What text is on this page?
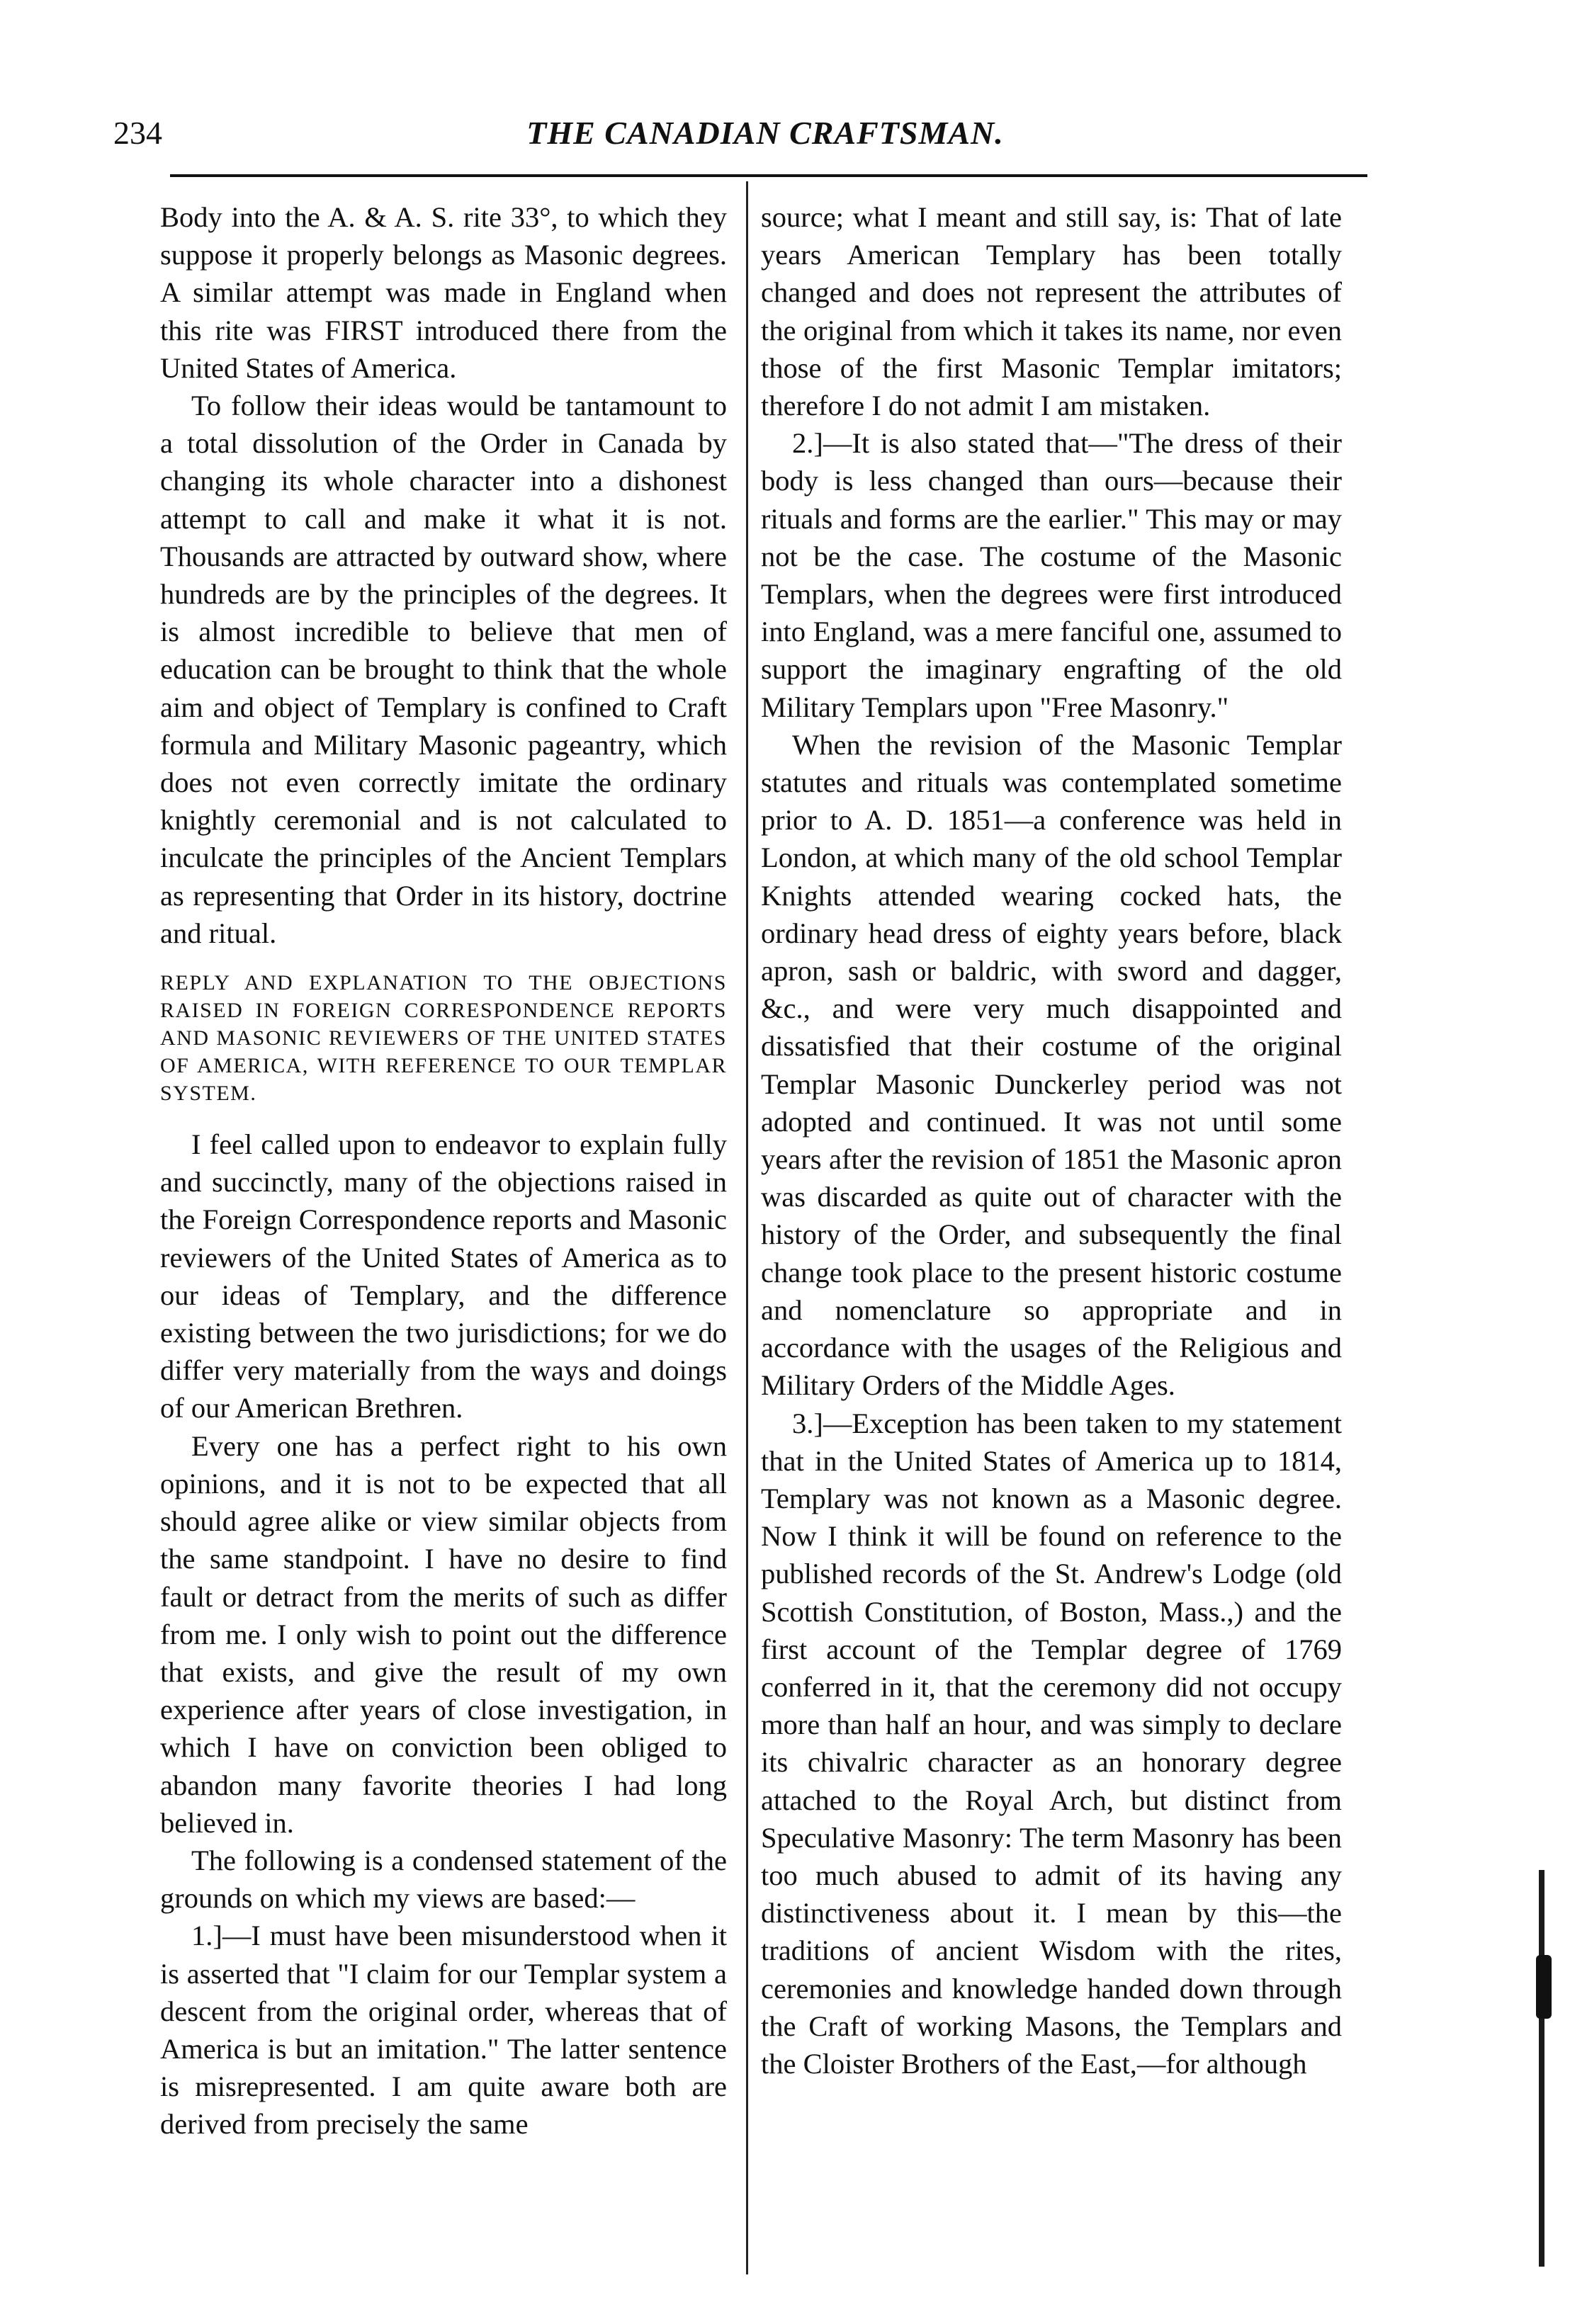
234	THE CANADIAN CRAFTSMAN.

Body into the A. & A. S. rite 33°, to which they suppose it properly belongs as Masonic degrees. A similar attempt was made in England when this rite was FIRST introduced there from the United States of America.

To follow their ideas would be tantamount to a total dissolution of the Order in Canada by changing its whole character into a dishonest attempt to call and make it what it is not. Thousands are attracted by outward show, where hundreds are by the principles of the degrees. It is almost incredible to believe that men of education can be brought to think that the whole aim and object of Templary is confined to Craft formula and Military Masonic pageantry, which does not even correctly imitate the ordinary knightly ceremonial and is not calculated to inculcate the principles of the Ancient Templars as representing that Order in its history, doctrine and ritual.

REPLY AND EXPLANATION TO THE OBJECTIONS RAISED IN FOREIGN CORRESPONDENCE REPORTS AND MASONIC REVIEWERS OF THE UNITED STATES OF AMERICA, WITH REFERENCE TO OUR TEMPLAR SYSTEM.

I feel called upon to endeavor to explain fully and succinctly, many of the objections raised in the Foreign Correspondence reports and Masonic reviewers of the United States of America as to our ideas of Templary, and the difference existing between the two jurisdictions; for we do differ very materially from the ways and doings of our American Brethren.

Every one has a perfect right to his own opinions, and it is not to be expected that all should agree alike or view similar objects from the same standpoint. I have no desire to find fault or detract from the merits of such as differ from me. I only wish to point out the difference that exists, and give the result of my own experience after years of close investigation, in which I have on conviction been obliged to abandon many favorite theories I had long believed in.

The following is a condensed statement of the grounds on which my views are based:—

1.]—I must have been misunderstood when it is asserted that "I claim for our Templar system a descent from the original order, whereas that of America is but an imitation." The latter sentence is misrepresented. I am quite aware both are derived from precisely the same

source; what I meant and still say, is: That of late years American Templary has been totally changed and does not represent the attributes of the original from which it takes its name, nor even those of the first Masonic Templar imitators; therefore I do not admit I am mistaken.

2.]—It is also stated that—"The dress of their body is less changed than ours—because their rituals and forms are the earlier." This may or may not be the case. The costume of the Masonic Templars, when the degrees were first introduced into England, was a mere fanciful one, assumed to support the imaginary engrafting of the old Military Templars upon "Free Masonry."

When the revision of the Masonic Templar statutes and rituals was contemplated sometime prior to A. D. 1851—a conference was held in London, at which many of the old school Templar Knights attended wearing cocked hats, the ordinary head dress of eighty years before, black apron, sash or baldric, with sword and dagger, &c., and were very much disappointed and dissatisfied that their costume of the original Templar Masonic Dunckerley period was not adopted and continued. It was not until some years after the revision of 1851 the Masonic apron was discarded as quite out of character with the history of the Order, and subsequently the final change took place to the present historic costume and nomenclature so appropriate and in accordance with the usages of the Religious and Military Orders of the Middle Ages.

3.]—Exception has been taken to my statement that in the United States of America up to 1814, Templary was not known as a Masonic degree. Now I think it will be found on reference to the published records of the St. Andrew's Lodge (old Scottish Constitution, of Boston, Mass.,) and the first account of the Templar degree of 1769 conferred in it, that the ceremony did not occupy more than half an hour, and was simply to declare its chivalric character as an honorary degree attached to the Royal Arch, but distinct from Speculative Masonry: The term Masonry has been too much abused to admit of its having any distinctiveness about it. I mean by this—the traditions of ancient Wisdom with the rites, ceremonies and knowledge handed down through the Craft of working Masons, the Templars and the Cloister Brothers of the East,—for although
